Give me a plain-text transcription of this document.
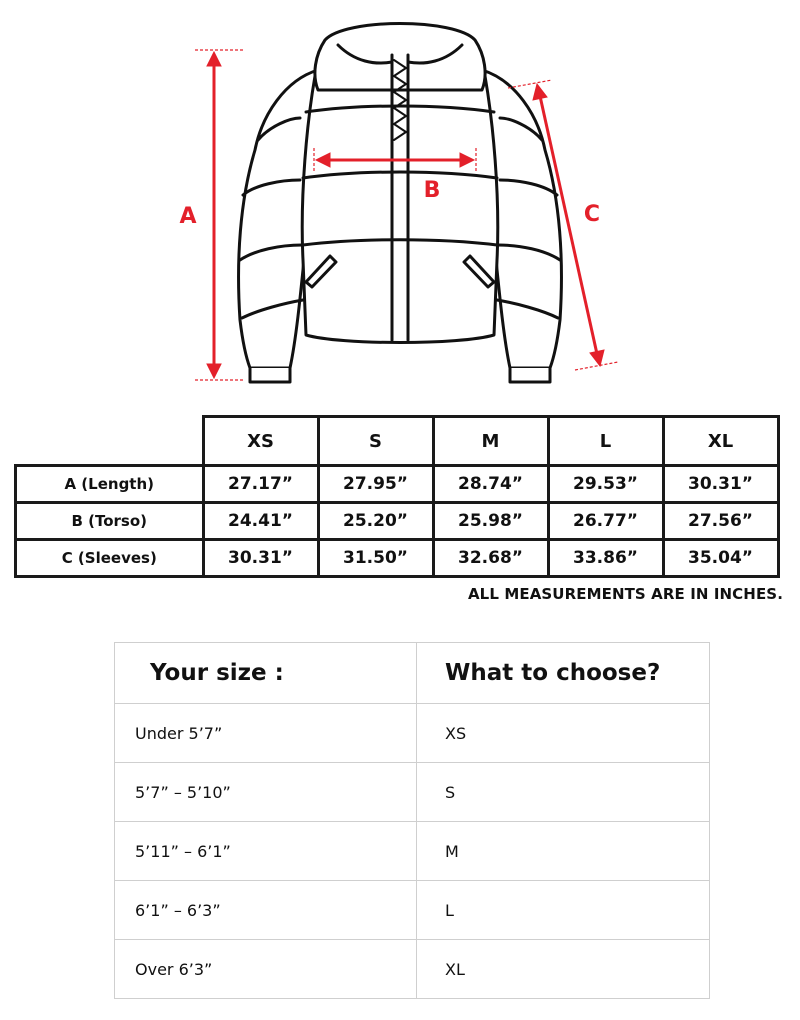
A
B
C
	XS	S	M	L	XL
A (Length)	27.17”	27.95”	28.74”	29.53”	30.31”
B (Torso)	24.41”	25.20”	25.98”	26.77”	27.56”
C (Sleeves)	30.31”	31.50”	32.68”	33.86”	35.04”
ALL MEASUREMENTS ARE IN INCHES.
Your size :	What to choose?
Under 5’7”	XS
5’7” – 5’10”	S
5’11” – 6’1”	M
6’1” – 6’3”	L
Over 6’3”	XL
